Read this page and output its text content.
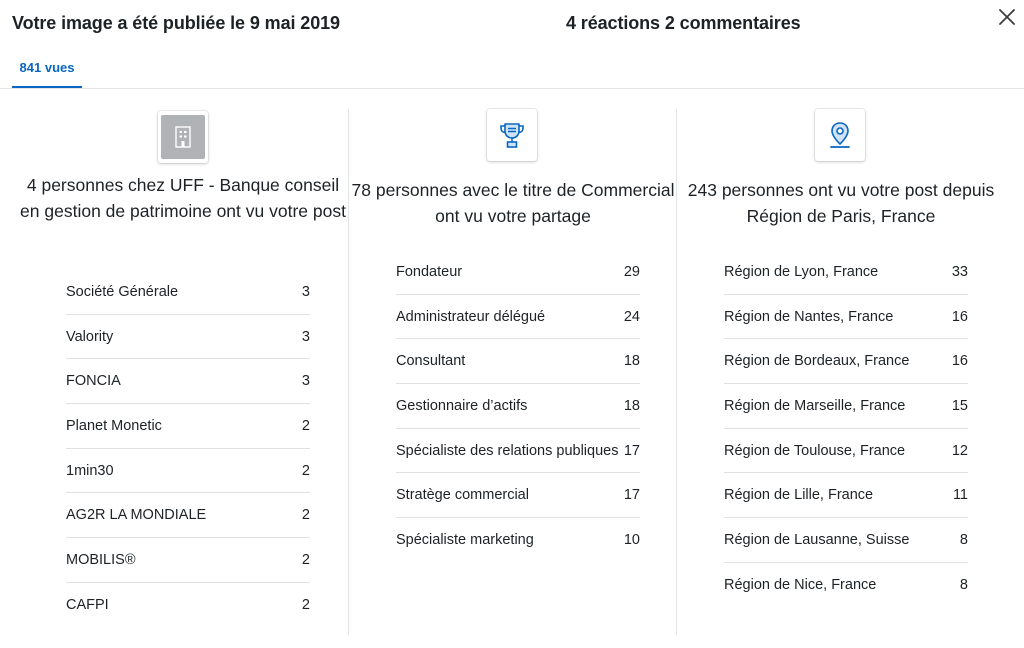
Votre image a été publiée le 9 mai 2019	4 réactions 2 commentaires
841 vues
4 personnes chez UFF - Banque conseil en gestion de patrimoine ont vu votre post
Société Générale	3
Valority	3
FONCIA	3
Planet Monetic	2
1min30	2
AG2R LA MONDIALE	2
MOBILIS®	2
CAFPI	2
78 personnes avec le titre de Commercial ont vu votre partage
Fondateur	29
Administrateur délégué	24
Consultant	18
Gestionnaire d’actifs	18
Spécialiste des relations publiques 17
Stratège commercial	17
Spécialiste marketing	10
243 personnes ont vu votre post depuis Région de Paris, France
Région de Lyon, France	33
Région de Nantes, France	16
Région de Bordeaux, France	16
Région de Marseille, France	15
Région de Toulouse, France	12
Région de Lille, France	11
Région de Lausanne, Suisse	8
Région de Nice, France	8
